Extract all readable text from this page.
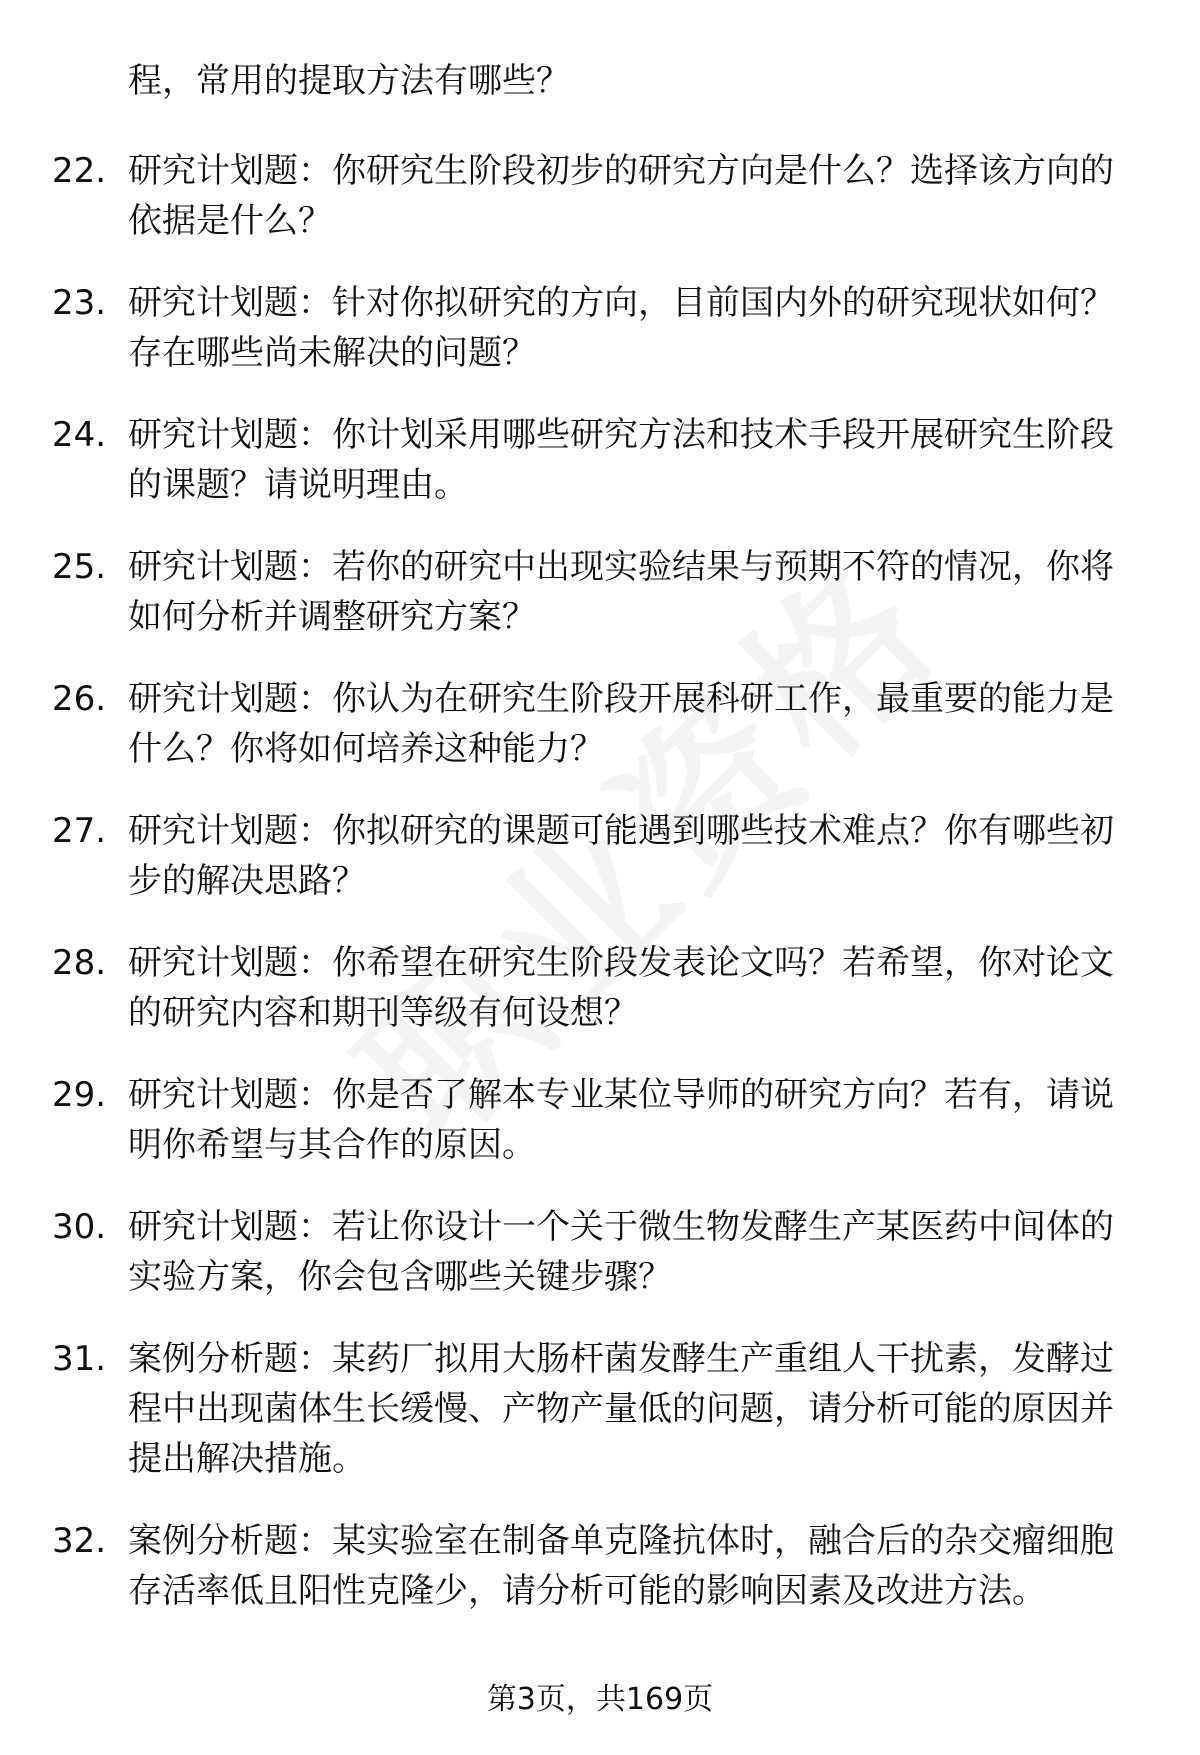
程，常用的提取方法有哪些？
22. 研究计划题：你研究生阶段初步的研究方向是什么？选择该方向的依据是什么？
23. 研究计划题：针对你拟研究的方向，目前国内外的研究现状如何？存在哪些尚未解决的问题？
24. 研究计划题：你计划采用哪些研究方法和技术手段开展研究生阶段的课题？请说明理由。
25. 研究计划题：若你的研究中出现实验结果与预期不符的情况，你将如何分析并调整研究方案？
26. 研究计划题：你认为在研究生阶段开展科研工作，最重要的能力是什么？你将如何培养这种能力？
27. 研究计划题：你拟研究的课题可能遇到哪些技术难点？你有哪些初步的解决思路？
28. 研究计划题：你希望在研究生阶段发表论文吗？若希望，你对论文的研究内容和期刊等级有何设想？
29. 研究计划题：你是否了解本专业某位导师的研究方向？若有，请说明你希望与其合作的原因。
30. 研究计划题：若让你设计一个关于微生物发酵生产某医药中间体的实验方案，你会包含哪些关键步骤？
31. 案例分析题：某药厂拟用大肠杆菌发酵生产重组人干扰素，发酵过程中出现菌体生长缓慢、产物产量低的问题，请分析可能的原因并提出解决措施。
32. 案例分析题：某实验室在制备单克隆抗体时，融合后的杂交瘤细胞存活率低且阳性克隆少，请分析可能的影响因素及改进方法。
第3页，共169页
